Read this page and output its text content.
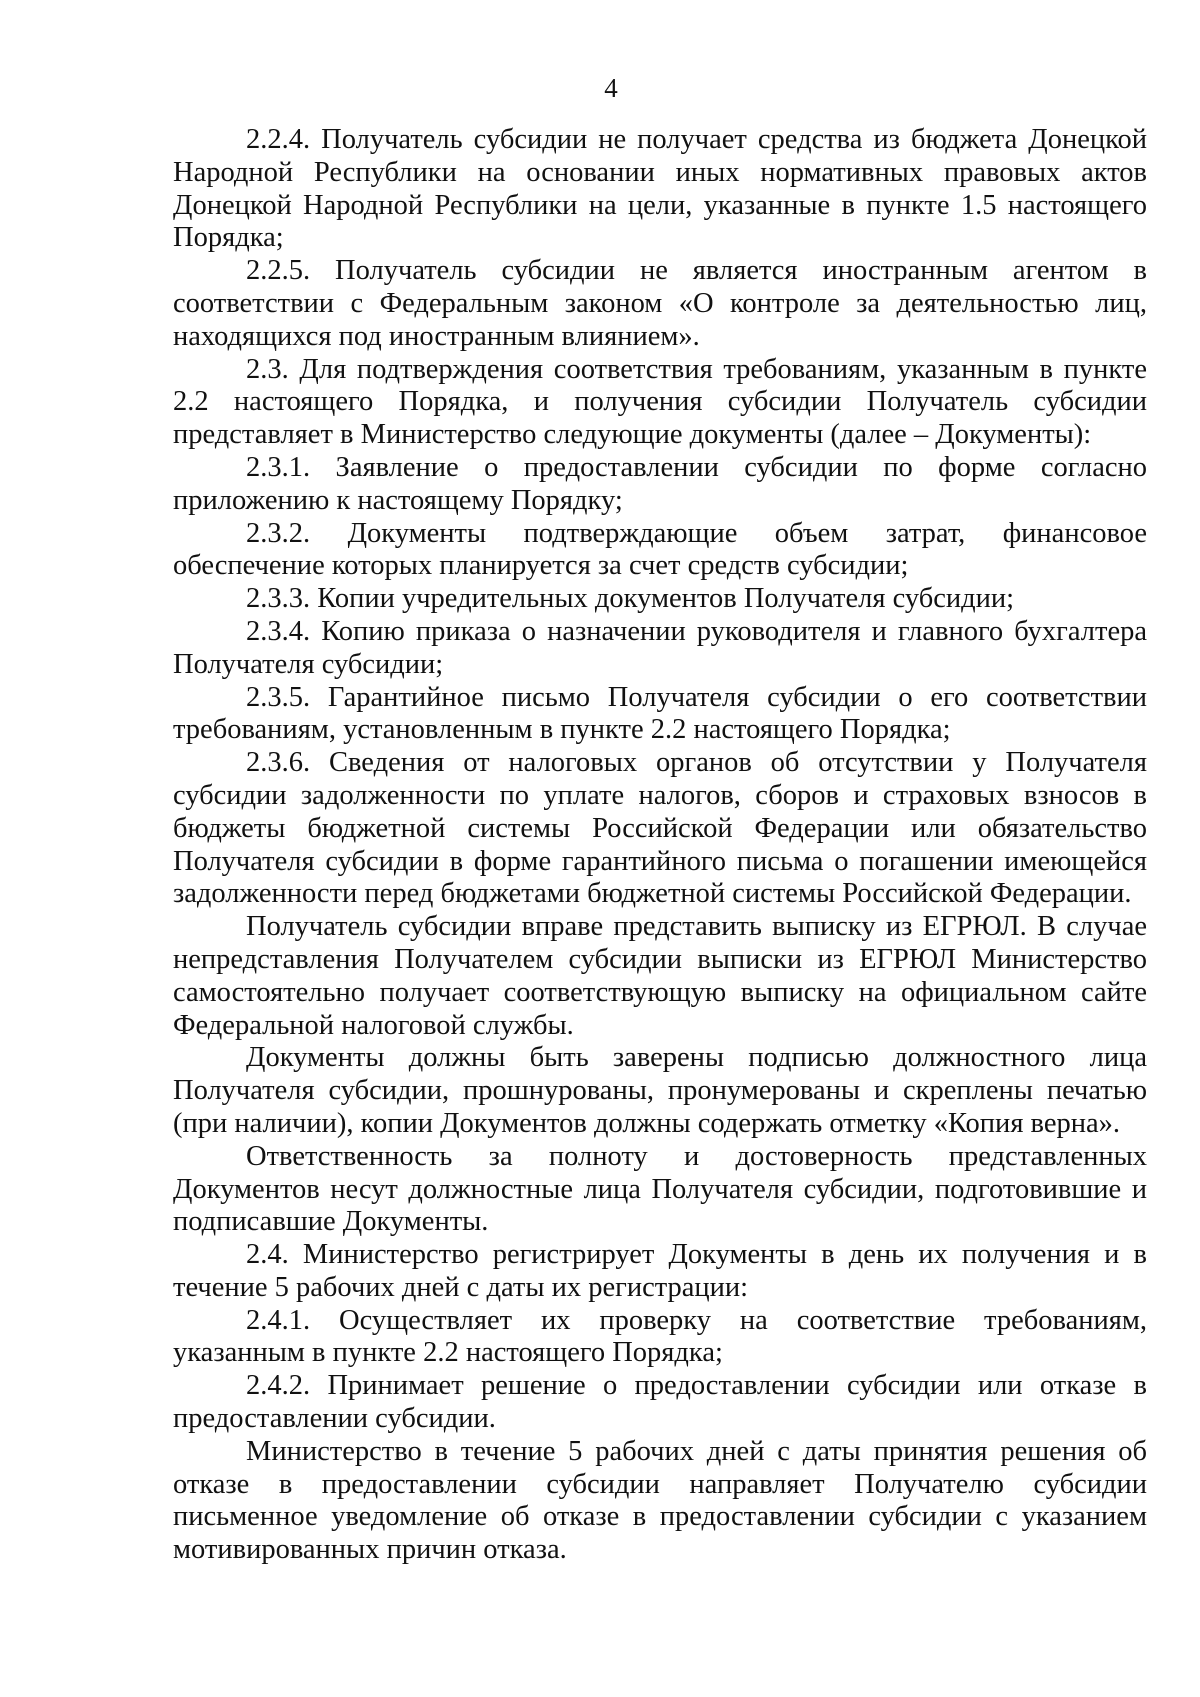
4

2.2.4. Получатель субсидии не получает средства из бюджета Донецкой Народной Республики на основании иных нормативных правовых актов Донецкой Народной Республики на цели, указанные в пункте 1.5 настоящего Порядка;

2.2.5. Получатель субсидии не является иностранным агентом в соответствии с Федеральным законом «О контроле за деятельностью лиц, находящихся под иностранным влиянием».

2.3. Для подтверждения соответствия требованиям, указанным в пункте 2.2 настоящего Порядка, и получения субсидии Получатель субсидии представляет в Министерство следующие документы (далее – Документы):

2.3.1. Заявление о предоставлении субсидии по форме согласно приложению к настоящему Порядку;

2.3.2. Документы подтверждающие объем затрат, финансовое обеспечение которых планируется за счет средств субсидии;

2.3.3. Копии учредительных документов Получателя субсидии;

2.3.4. Копию приказа о назначении руководителя и главного бухгалтера Получателя субсидии;

2.3.5. Гарантийное письмо Получателя субсидии о его соответствии требованиям, установленным в пункте 2.2 настоящего Порядка;

2.3.6. Сведения от налоговых органов об отсутствии у Получателя субсидии задолженности по уплате налогов, сборов и страховых взносов в бюджеты бюджетной системы Российской Федерации или обязательство Получателя субсидии в форме гарантийного письма о погашении имеющейся задолженности перед бюджетами бюджетной системы Российской Федерации.

Получатель субсидии вправе представить выписку из ЕГРЮЛ. В случае непредставления Получателем субсидии выписки из ЕГРЮЛ Министерство самостоятельно получает соответствующую выписку на официальном сайте Федеральной налоговой службы.

Документы должны быть заверены подписью должностного лица Получателя субсидии, прошнурованы, пронумерованы и скреплены печатью (при наличии), копии Документов должны содержать отметку «Копия верна».

Ответственность за полноту и достоверность представленных Документов несут должностные лица Получателя субсидии, подготовившие и подписавшие Документы.

2.4. Министерство регистрирует Документы в день их получения и в течение 5 рабочих дней с даты их регистрации:

2.4.1. Осуществляет их проверку на соответствие требованиям, указанным в пункте 2.2 настоящего Порядка;

2.4.2. Принимает решение о предоставлении субсидии или отказе в предоставлении субсидии.

Министерство в течение 5 рабочих дней с даты принятия решения об отказе в предоставлении субсидии направляет Получателю субсидии письменное уведомление об отказе в предоставлении субсидии с указанием мотивированных причин отказа.
